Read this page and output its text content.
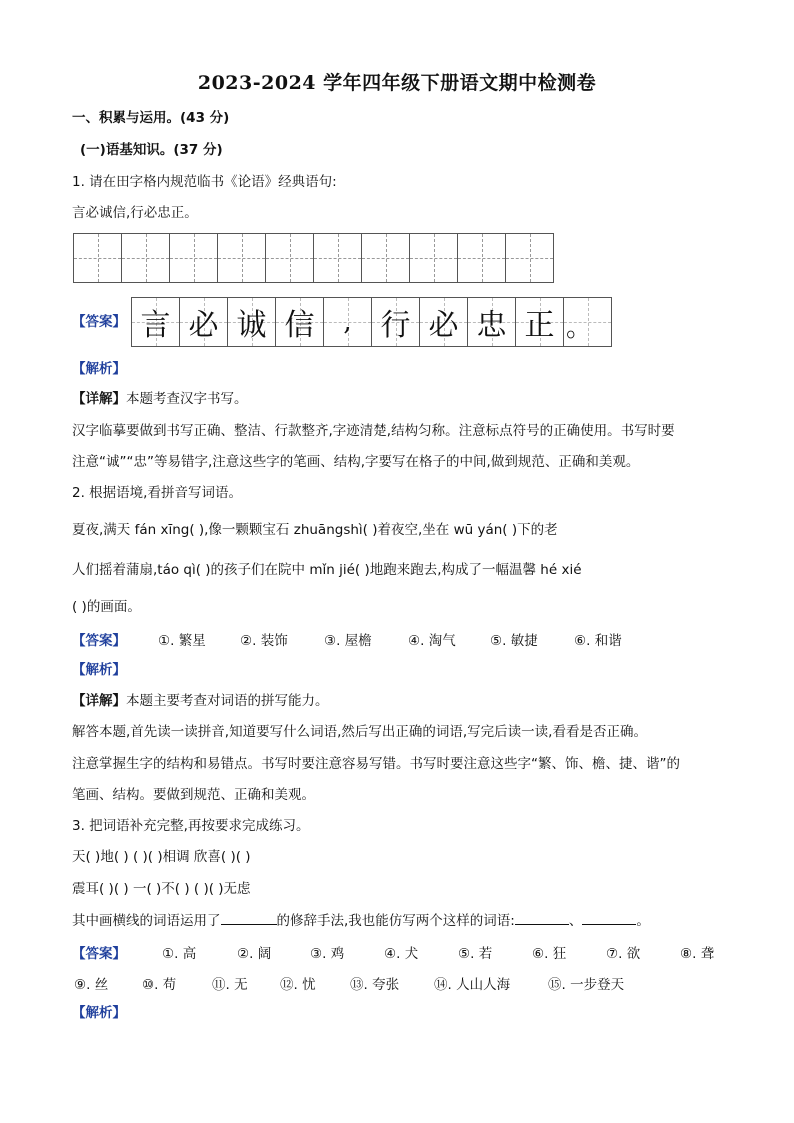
2023-2024 学年四年级下册语文期中检测卷
一、积累与运用。(43 分)
(一)语基知识。(37 分)
1. 请在田字格内规范临书《论语》经典语句:
言必诚信,行必忠正。
【答案】 言 必 诚 信 , 行 必 忠 正 。
【解析】
【详解】本题考查汉字书写。
汉字临摹要做到书写正确、整洁、行款整齐,字迹清楚,结构匀称。注意标点符号的正确使用。书写时要
注意“诚”“忠”等易错字,注意这些字的笔画、结构,字要写在格子的中间,做到规范、正确和美观。
2. 根据语境,看拼音写词语。
夏夜,满天 fán xīng( ),像一颗颗宝石 zhuāngshì( )着夜空,坐在 wū yán( )下的老
人们摇着蒲扇,táo qì( )的孩子们在院中 mǐn jié( )地跑来跑去,构成了一幅温馨 hé xié
( )的画面。
【答案】 ①. 繁星	②. 装饰	③. 屋檐	④. 淘气	⑤. 敏捷	⑥. 和谐
【解析】
【详解】本题主要考查对词语的拼写能力。
解答本题,首先读一读拼音,知道要写什么词语,然后写出正确的词语,写完后读一读,看看是否正确。
注意掌握生字的结构和易错点。书写时要注意容易写错。书写时要注意这些字“繁、饰、檐、捷、谐”的
笔画、结构。要做到规范、正确和美观。
3. 把词语补充完整,再按要求完成练习。
天( )地( ) ( )( )相调 欣喜( )( )
震耳( )( ) 一( )不( ) ( )( )无虑
其中画横线的词语运用了	的修辞手法,我也能仿写两个这样的词语:	、	。
【答案】	①. 高	②. 阔	③. 鸡	④. 犬	⑤. 若	⑥. 狂	⑦. 欲	⑧. 聋
⑨. 丝	⑩. 苟	⑪. 无 ⑫. 忧	⑬. 夸张	⑭. 人山人海	⑮. 一步登天
【解析】
